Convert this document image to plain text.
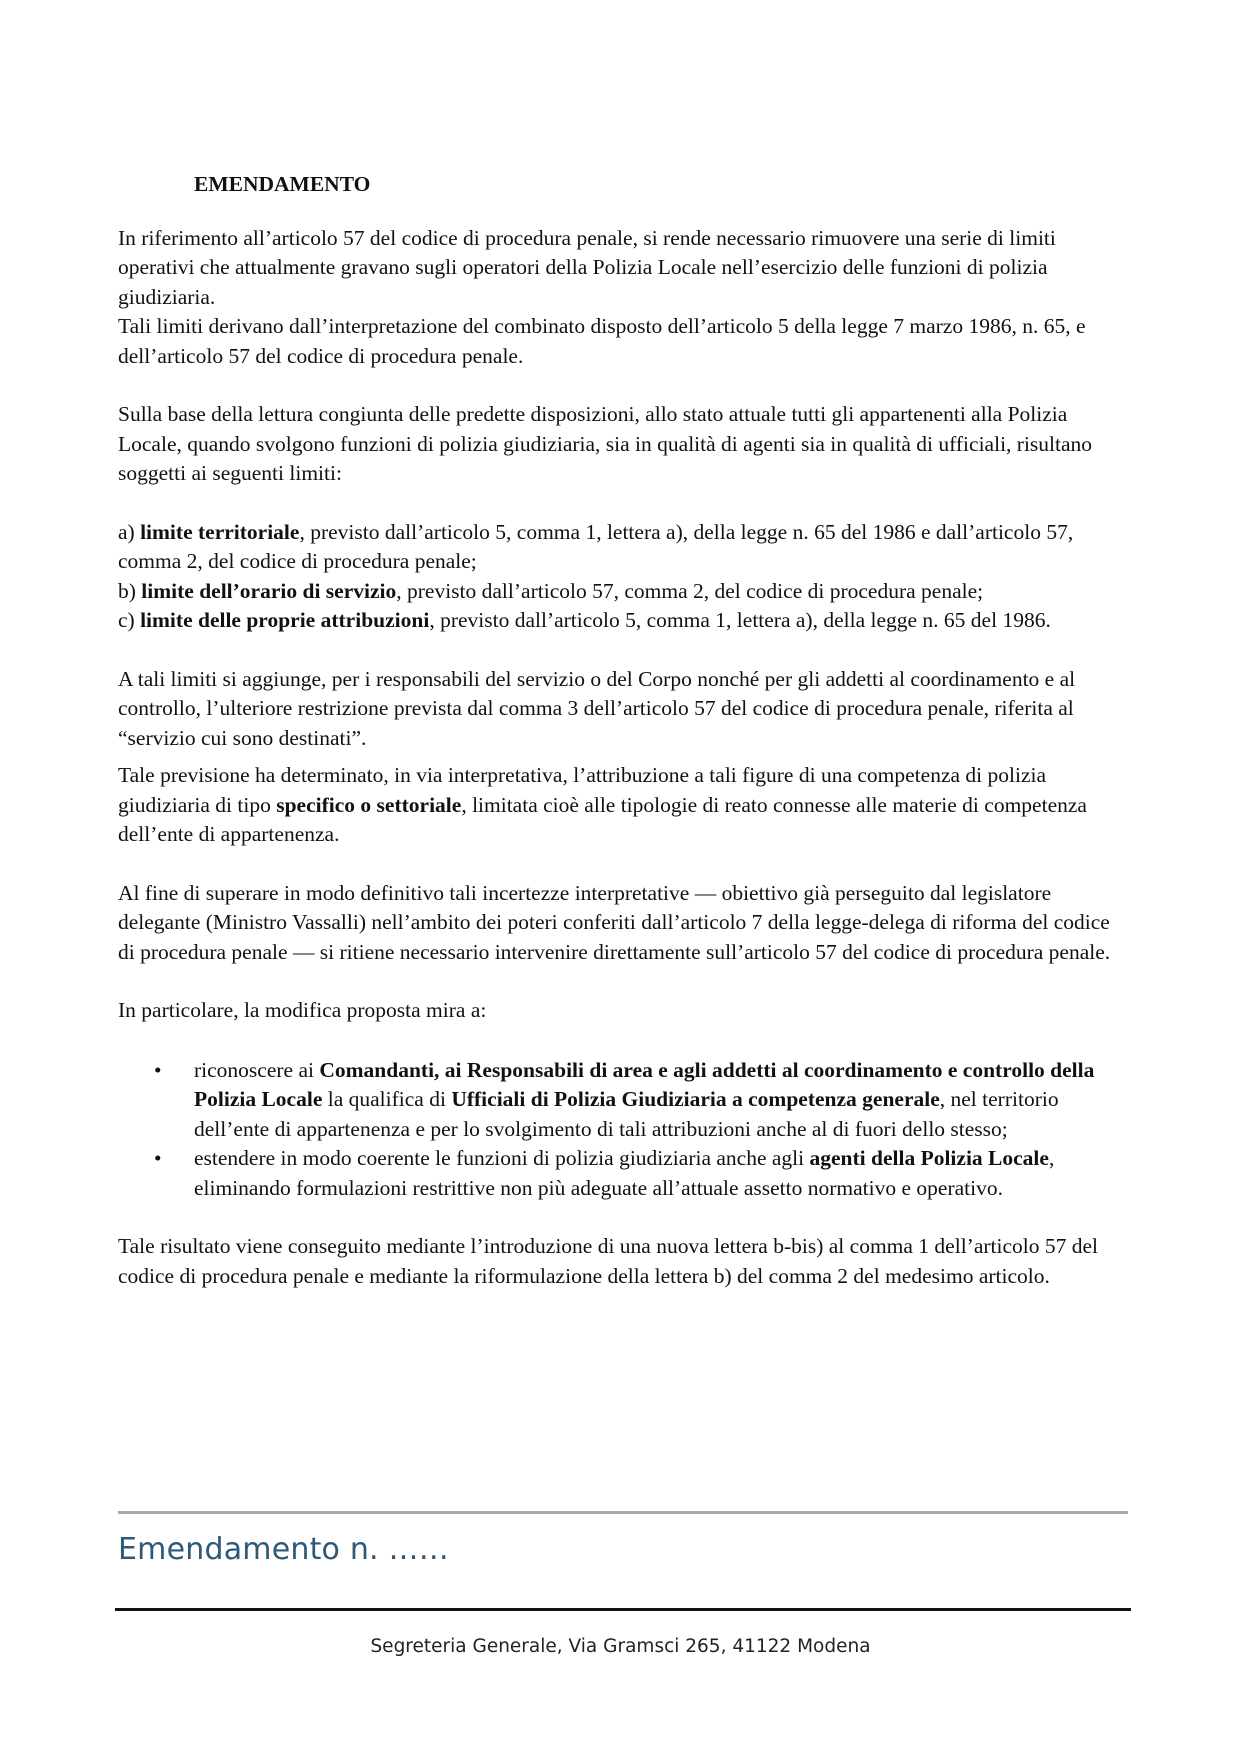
EMENDAMENTO

In riferimento all’articolo 57 del codice di procedura penale, si rende necessario rimuovere una serie di limiti operativi che attualmente gravano sugli operatori della Polizia Locale nell’esercizio delle funzioni di polizia giudiziaria.

Tali limiti derivano dall’interpretazione del combinato disposto dell’articolo 5 della legge 7 marzo 1986, n. 65, e dell’articolo 57 del codice di procedura penale.

Sulla base della lettura congiunta delle predette disposizioni, allo stato attuale tutti gli appartenenti alla Polizia Locale, quando svolgono funzioni di polizia giudiziaria, sia in qualità di agenti sia in qualità di ufficiali, risultano soggetti ai seguenti limiti:

a) limite territoriale, previsto dall’articolo 5, comma 1, lettera a), della legge n. 65 del 1986 e dall’articolo 57, comma 2, del codice di procedura penale;

b) limite dell’orario di servizio, previsto dall’articolo 57, comma 2, del codice di procedura penale;

c) limite delle proprie attribuzioni, previsto dall’articolo 5, comma 1, lettera a), della legge n. 65 del 1986.

A tali limiti si aggiunge, per i responsabili del servizio o del Corpo nonché per gli addetti al coordinamento e al controllo, l’ulteriore restrizione prevista dal comma 3 dell’articolo 57 del codice di procedura penale, riferita al “servizio cui sono destinati”.

Tale previsione ha determinato, in via interpretativa, l’attribuzione a tali figure di una competenza di polizia giudiziaria di tipo specifico o settoriale, limitata cioè alle tipologie di reato connesse alle materie di competenza dell’ente di appartenenza.

Al fine di superare in modo definitivo tali incertezze interpretative — obiettivo già perseguito dal legislatore delegante (Ministro Vassalli) nell’ambito dei poteri conferiti dall’articolo 7 della legge-delega di riforma del codice di procedura penale — si ritiene necessario intervenire direttamente sull’articolo 57 del codice di procedura penale.

In particolare, la modifica proposta mira a:

• riconoscere ai Comandanti, ai Responsabili di area e agli addetti al coordinamento e controllo della Polizia Locale la qualifica di Ufficiali di Polizia Giudiziaria a competenza generale, nel territorio dell’ente di appartenenza e per lo svolgimento di tali attribuzioni anche al di fuori dello stesso;
• estendere in modo coerente le funzioni di polizia giudiziaria anche agli agenti della Polizia Locale, eliminando formulazioni restrittive non più adeguate all’attuale assetto normativo e operativo.

Tale risultato viene conseguito mediante l’introduzione di una nuova lettera b-bis) al comma 1 dell’articolo 57 del codice di procedura penale e mediante la riformulazione della lettera b) del comma 2 del medesimo articolo.

Emendamento n. ……
Segreteria Generale, Via Gramsci 265, 41122 Modena
